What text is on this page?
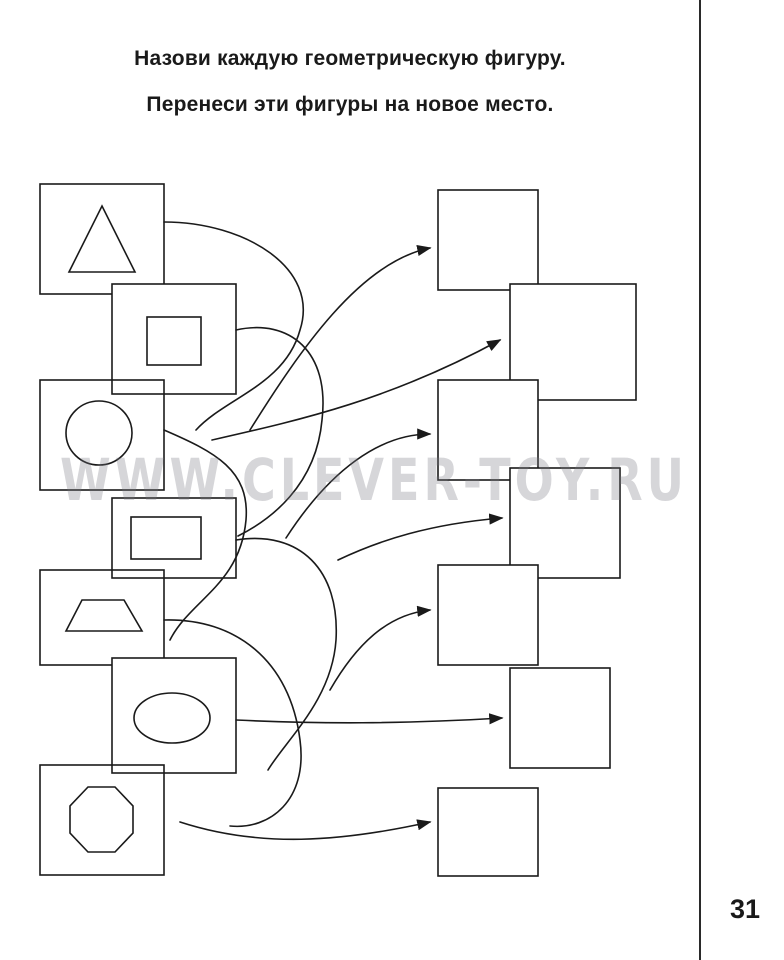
Назови каждую геометрическую фигуру.
Перенеси эти фигуры на новое место.
WWW.CLEVER-TOY.RU
31
